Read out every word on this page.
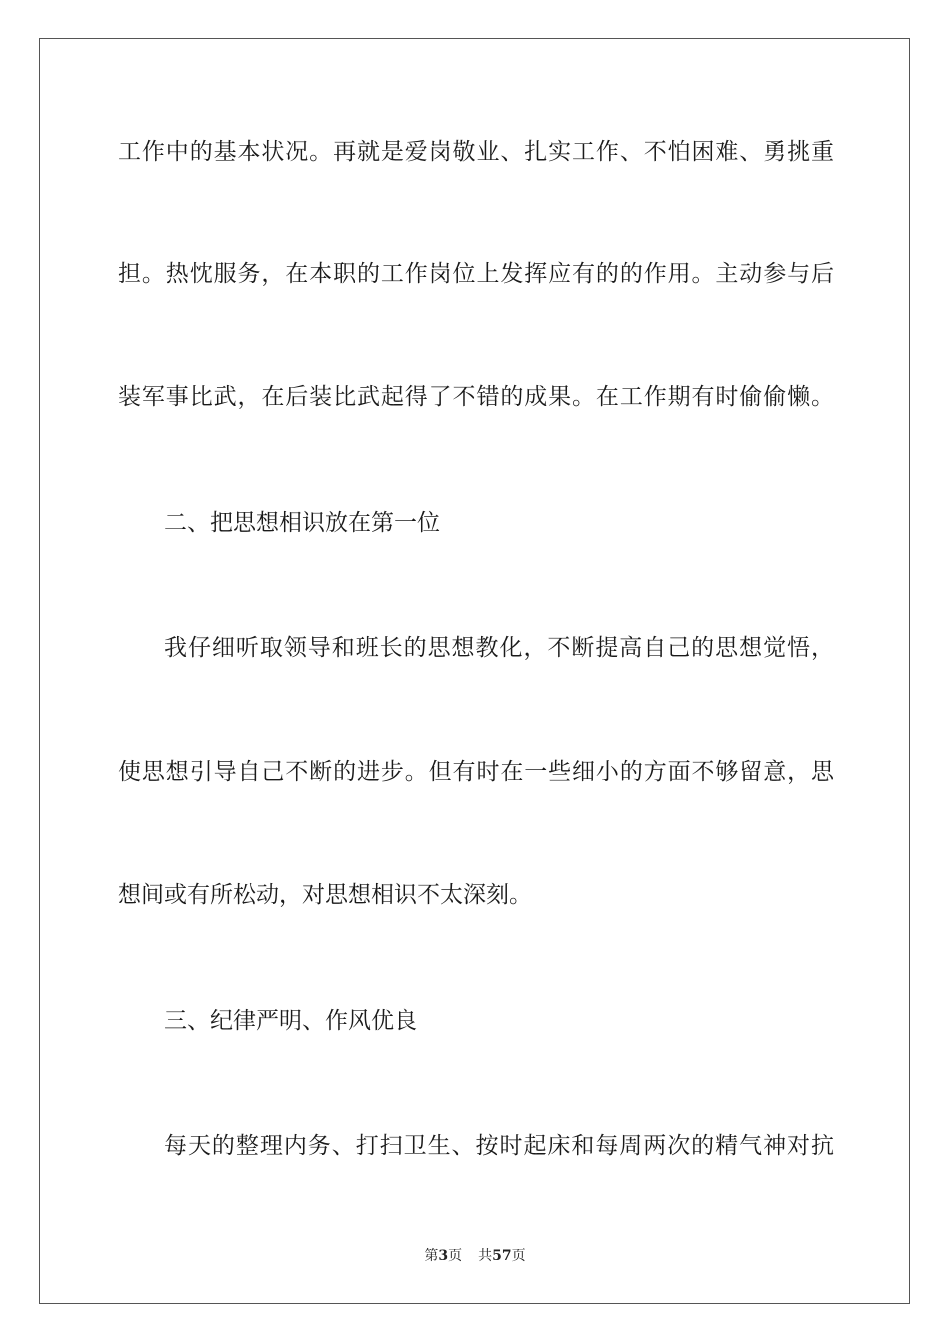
工作中的基本状况。再就是爱岗敬业、扎实工作、不怕困难、勇挑重
担。热忱服务，在本职的工作岗位上发挥应有的的作用。主动参与后
装军事比武，在后装比武起得了不错的成果。在工作期有时偷偷懒。
二、把思想相识放在第一位
我仔细听取领导和班长的思想教化，不断提高自己的思想觉悟，
使思想引导自己不断的进步。但有时在一些细小的方面不够留意，思
想间或有所松动，对思想相识不太深刻。
三、纪律严明、作风优良
每天的整理内务、打扫卫生、按时起床和每周两次的精气神对抗
第3页 共57页
